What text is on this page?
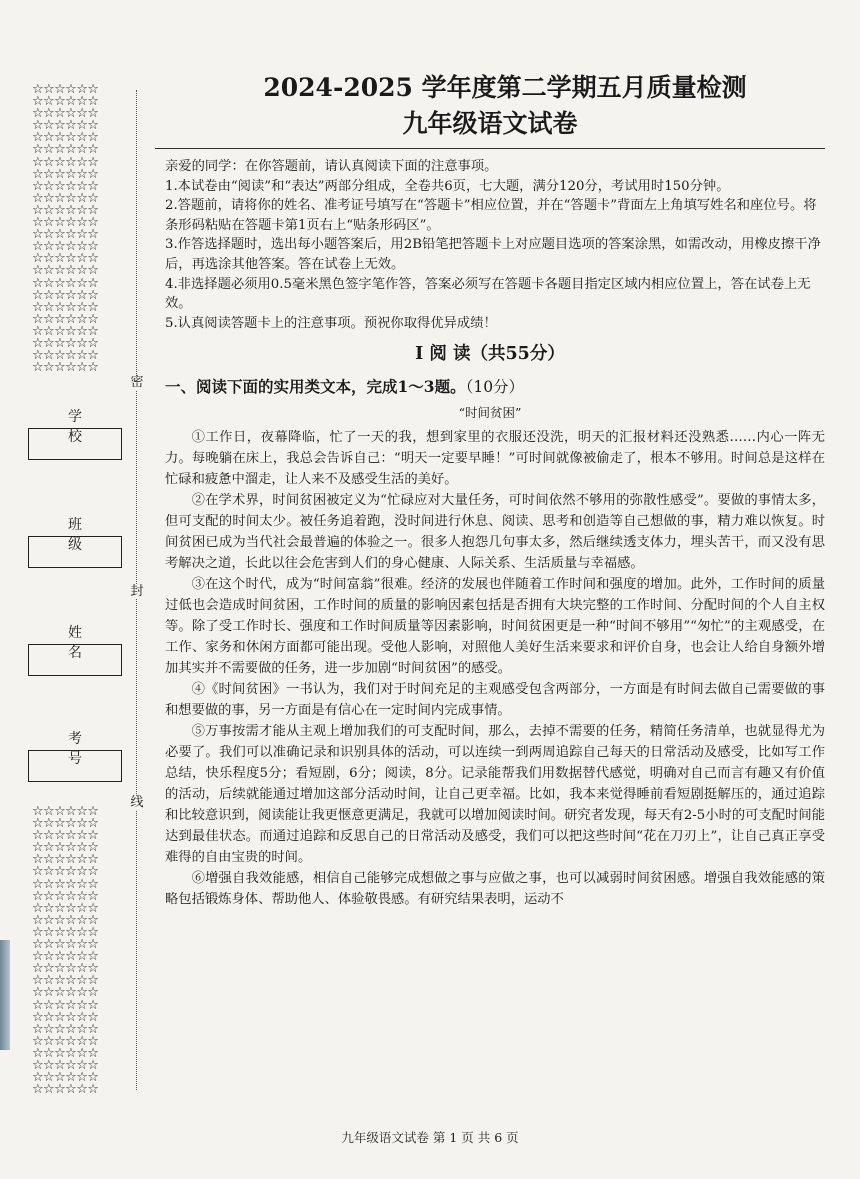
☆☆☆☆☆☆
☆☆☆☆☆☆
☆☆☆☆☆☆
☆☆☆☆☆☆
☆☆☆☆☆☆
☆☆☆☆☆☆
☆☆☆☆☆☆
☆☆☆☆☆☆
☆☆☆☆☆☆
☆☆☆☆☆☆
☆☆☆☆☆☆
☆☆☆☆☆☆
☆☆☆☆☆☆
☆☆☆☆☆☆
☆☆☆☆☆☆
☆☆☆☆☆☆
☆☆☆☆☆☆
☆☆☆☆☆☆
☆☆☆☆☆☆
☆☆☆☆☆☆
☆☆☆☆☆☆
☆☆☆☆☆☆
☆☆☆☆☆☆
☆☆☆☆☆☆
☆☆☆☆☆☆
☆☆☆☆☆☆
☆☆☆☆☆☆
☆☆☆☆☆☆
☆☆☆☆☆☆
☆☆☆☆☆☆
☆☆☆☆☆☆
☆☆☆☆☆☆
☆☆☆☆☆☆
☆☆☆☆☆☆
☆☆☆☆☆☆
☆☆☆☆☆☆
☆☆☆☆☆☆
☆☆☆☆☆☆
☆☆☆☆☆☆
☆☆☆☆☆☆
☆☆☆☆☆☆
☆☆☆☆☆☆
☆☆☆☆☆☆
☆☆☆☆☆☆
☆☆☆☆☆☆
☆☆☆☆☆☆
☆☆☆☆☆☆
☆☆☆☆☆☆
密
封
线
学 校
班 级
姓 名
考 号
2024-2025 学年度第二学期五月质量检测
九年级语文试卷

亲爱的同学：在你答题前，请认真阅读下面的注意事项。

1.本试卷由“阅读”和“表达”两部分组成，全卷共6页，七大题，满分120分，考试用时150分钟。

2.答题前，请将你的姓名、准考证号填写在“答题卡”相应位置，并在“答题卡”背面左上角填写姓名和座位号。将条形码粘贴在答题卡第1页右上“贴条形码区”。

3.作答选择题时，选出每小题答案后，用2B铅笔把答题卡上对应题目选项的答案涂黑，如需改动，用橡皮擦干净后，再选涂其他答案。答在试卷上无效。

4.非选择题必须用0.5毫米黑色签字笔作答，答案必须写在答题卡各题目指定区域内相应位置上，答在试卷上无效。

5.认真阅读答题卡上的注意事项。预祝你取得优异成绩！

Ⅰ 阅 读（共55分）
一、阅读下面的实用类文本，完成1～3题。（10分）
“时间贫困”

①工作日，夜幕降临，忙了一天的我，想到家里的衣服还没洗，明天的汇报材料还没熟悉……内心一阵无力。每晚躺在床上，我总会告诉自己：“明天一定要早睡！”可时间就像被偷走了，根本不够用。时间总是这样在忙碌和疲惫中溜走，让人来不及感受生活的美好。

②在学术界，时间贫困被定义为“忙碌应对大量任务，可时间依然不够用的弥散性感受”。要做的事情太多，但可支配的时间太少。被任务追着跑，没时间进行休息、阅读、思考和创造等自己想做的事，精力难以恢复。时间贫困已成为当代社会最普遍的体验之一。很多人抱怨几句事太多，然后继续透支体力，埋头苦干，而又没有思考解决之道，长此以往会危害到人们的身心健康、人际关系、生活质量与幸福感。

③在这个时代，成为“时间富翁”很难。经济的发展也伴随着工作时间和强度的增加。此外，工作时间的质量过低也会造成时间贫困，工作时间的质量的影响因素包括是否拥有大块完整的工作时间、分配时间的个人自主权等。除了受工作时长、强度和工作时间质量等因素影响，时间贫困更是一种“时间不够用”“匆忙”的主观感受，在工作、家务和休闲方面都可能出现。受他人影响，对照他人美好生活来要求和评价自身，也会让人给自身额外增加其实并不需要做的任务，进一步加剧“时间贫困”的感受。

④《时间贫困》一书认为，我们对于时间充足的主观感受包含两部分，一方面是有时间去做自己需要做的事和想要做的事，另一方面是有信心在一定时间内完成事情。

⑤万事按需才能从主观上增加我们的可支配时间，那么，去掉不需要的任务，精简任务清单，也就显得尤为必要了。我们可以准确记录和识别具体的活动，可以连续一到两周追踪自己每天的日常活动及感受，比如写工作总结，快乐程度5分；看短剧，6分；阅读，8分。记录能帮我们用数据替代感觉，明确对自己而言有趣又有价值的活动，后续就能通过增加这部分活动时间，让自己更幸福。比如，我本来觉得睡前看短剧挺解压的，通过追踪和比较意识到，阅读能让我更惬意更满足，我就可以增加阅读时间。研究者发现，每天有2-5小时的可支配时间能达到最佳状态。而通过追踪和反思自己的日常活动及感受，我们可以把这些时间“花在刀刃上”，让自己真正享受难得的自由宝贵的时间。

⑥增强自我效能感，相信自己能够完成想做之事与应做之事，也可以减弱时间贫困感。增强自我效能感的策略包括锻炼身体、帮助他人、体验敬畏感。有研究结果表明，运动不

九年级语文试卷 第 1 页 共 6 页
